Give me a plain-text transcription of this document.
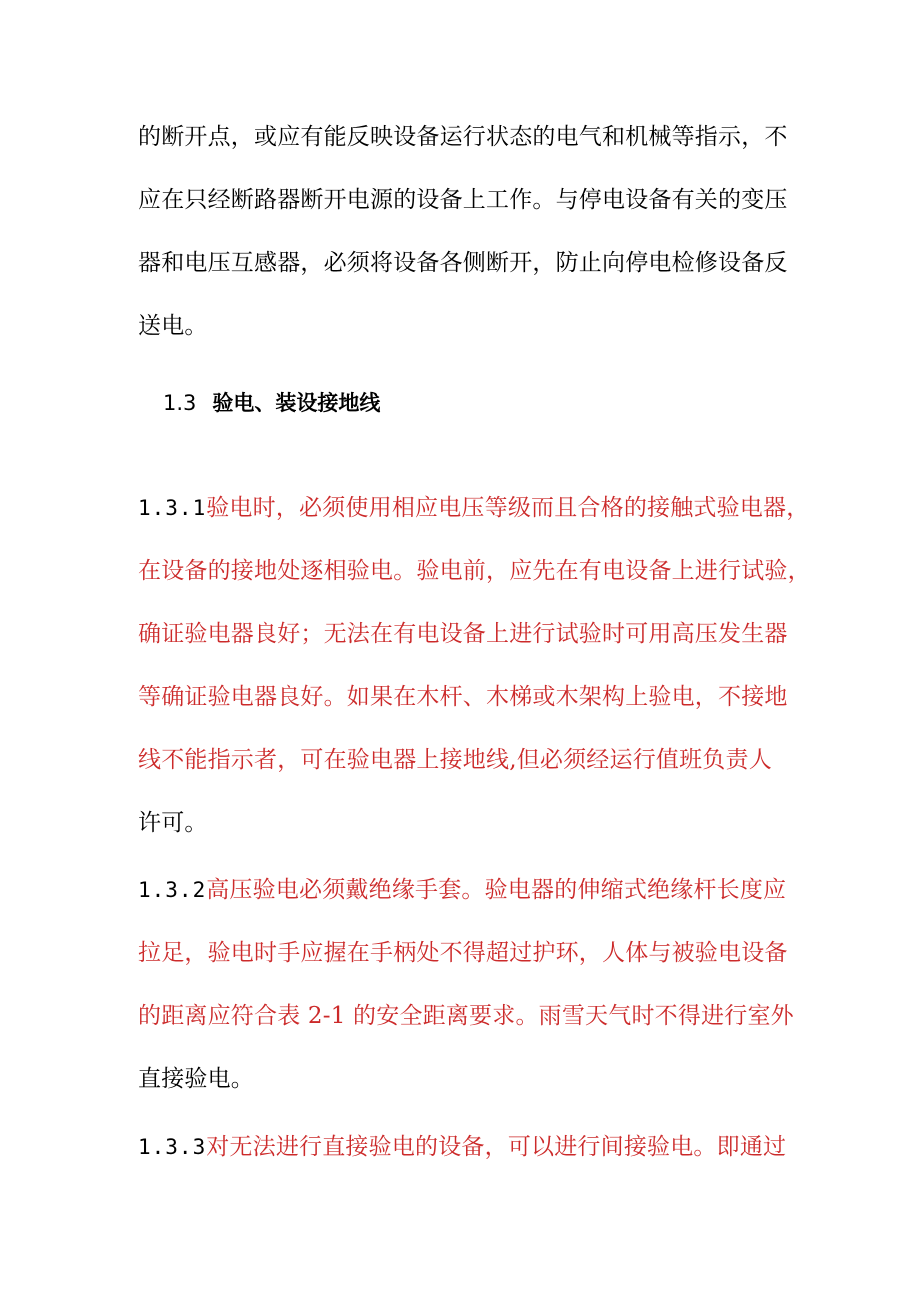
的断开点，或应有能反映设备运行状态的电气和机械等指示，不
应在只经断路器断开电源的设备上工作。与停电设备有关的变压
器和电压互感器，必须将设备各侧断开，防止向停电检修设备反
送电。
1.3 验电、装设接地线
1.3.1验电时，必须使用相应电压等级而且合格的接触式验电器，
在设备的接地处逐相验电。验电前，应先在有电设备上进行试验，
确证验电器良好；无法在有电设备上进行试验时可用高压发生器
等确证验电器良好。如果在木杆、木梯或木架构上验电，不接地
线不能指示者，可在验电器上接地线,但必须经运行值班负责人
许可。
1.3.2高压验电必须戴绝缘手套。验电器的伸缩式绝缘杆长度应
拉足，验电时手应握在手柄处不得超过护环，人体与被验电设备
的距离应符合表 2-1 的安全距离要求。雨雪天气时不得进行室外
直接验电。
1.3.3对无法进行直接验电的设备，可以进行间接验电。即通过
